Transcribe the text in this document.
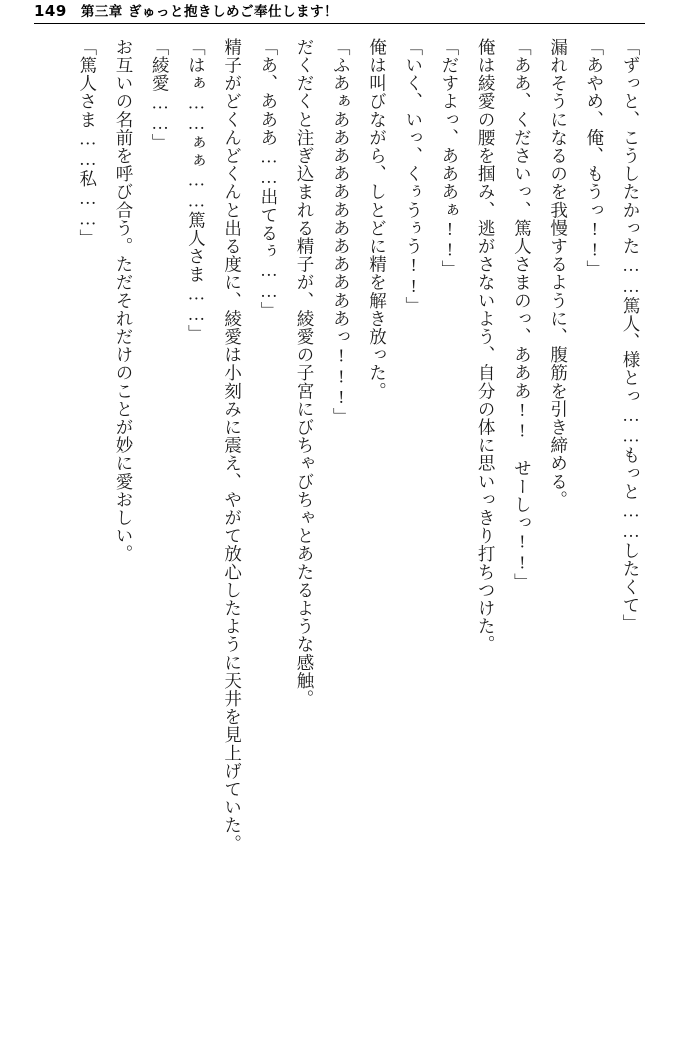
149 第三章 ぎゅっと抱きしめご奉仕します！

「ずっと、こうしたかった……篤人、様とっ……もっと……したくて」

「あやめ、俺、もうっ!!」

漏れそうになるのを我慢するように、腹筋を引き締める。

「ああ、くださいっ、篤人さまのっ、あああ!!　せーしっ!!」

俺は綾愛の腰を掴み、逃がさないよう、自分の体に思いっきり打ちつけた。

「だすよっ、あああぁ!!」

「いく、いっ、くぅうぅう!!」

俺は叫びながら、しとどに精を解き放った。

「ふあぁああああああああああああっ!!!」

だくだくと注ぎ込まれる精子が、綾愛の子宮にびちゃびちゃとあたるような感触。

「あ、あああ……出てるぅ……」

精子がどくんどくんと出る度に、綾愛は小刻みに震え、やがて放心したように天井を見上げていた。

「はぁ……ぁぁ……篤人さま……」

「綾愛……」

お互いの名前を呼び合う。ただそれだけのことが妙に愛おしい。

「篤人さま……私……」
